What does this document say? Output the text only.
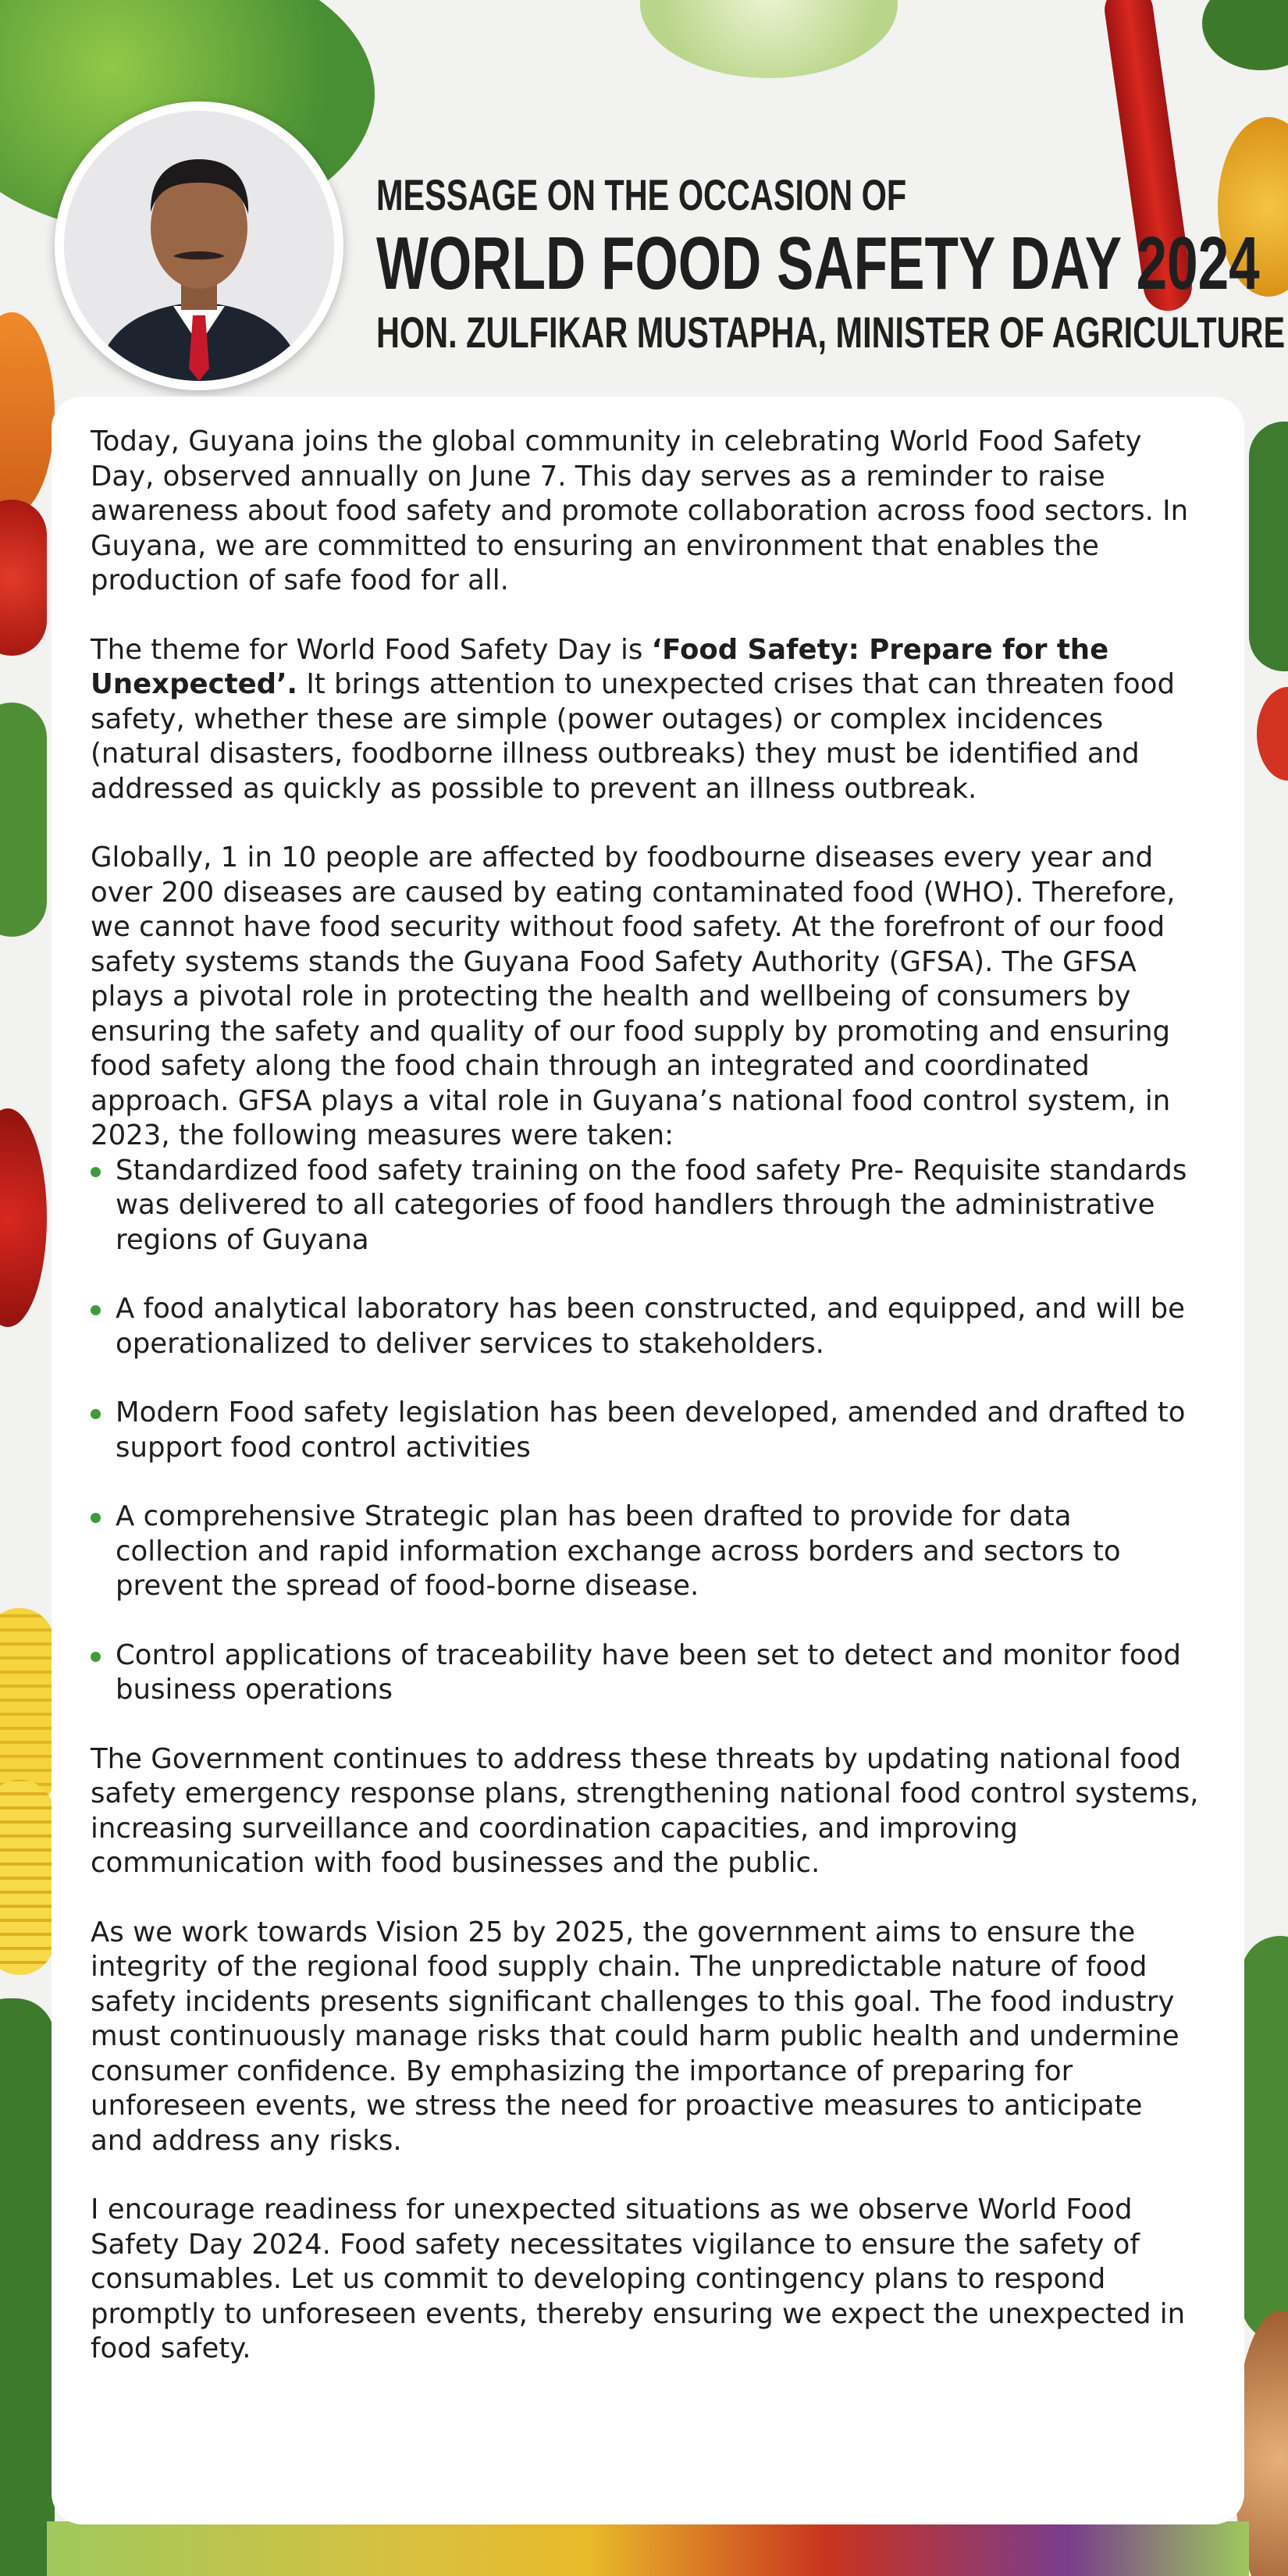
MESSAGE ON THE OCCASION OF
WORLD FOOD SAFETY DAY 2024
HON. ZULFIKAR MUSTAPHA, MINISTER OF AGRICULTURE

Today, Guyana joins the global community in celebrating World Food Safety Day, observed annually on June 7. This day serves as a reminder to raise awareness about food safety and promote collaboration across food sectors. In Guyana, we are committed to ensuring an environment that enables the production of safe food for all.

The theme for World Food Safety Day is ‘Food Safety: Prepare for the Unexpected’. It brings attention to unexpected crises that can threaten food safety, whether these are simple (power outages) or complex incidences (natural disasters, foodborne illness outbreaks) they must be identified and addressed as quickly as possible to prevent an illness outbreak.

Globally, 1 in 10 people are affected by foodbourne diseases every year and over 200 diseases are caused by eating contaminated food (WHO). Therefore, we cannot have food security without food safety. At the forefront of our food safety systems stands the Guyana Food Safety Authority (GFSA). The GFSA plays a pivotal role in protecting the health and wellbeing of consumers by ensuring the safety and quality of our food supply by promoting and ensuring food safety along the food chain through an integrated and coordinated approach. GFSA plays a vital role in Guyana’s national food control system, in 2023, the following measures were taken:

Standardized food safety training on the food safety Pre- Requisite standards was delivered to all categories of food handlers through the administrative regions of Guyana
A food analytical laboratory has been constructed, and equipped, and will be operationalized to deliver services to stakeholders.
Modern Food safety legislation has been developed, amended and drafted to support food control activities
A comprehensive Strategic plan has been drafted to provide for data collection and rapid information exchange across borders and sectors to prevent the spread of food-borne disease.
Control applications of traceability have been set to detect and monitor food business operations

The Government continues to address these threats by updating national food safety emergency response plans, strengthening national food control systems, increasing surveillance and coordination capacities, and improving communication with food businesses and the public.

As we work towards Vision 25 by 2025, the government aims to ensure the integrity of the regional food supply chain. The unpredictable nature of food safety incidents presents significant challenges to this goal. The food industry must continuously manage risks that could harm public health and undermine consumer confidence. By emphasizing the importance of preparing for unforeseen events, we stress the need for proactive measures to anticipate and address any risks.

I encourage readiness for unexpected situations as we observe World Food Safety Day 2024. Food safety necessitates vigilance to ensure the safety of consumables. Let us commit to developing contingency plans to respond promptly to unforeseen events, thereby ensuring we expect the unexpected in food safety.
